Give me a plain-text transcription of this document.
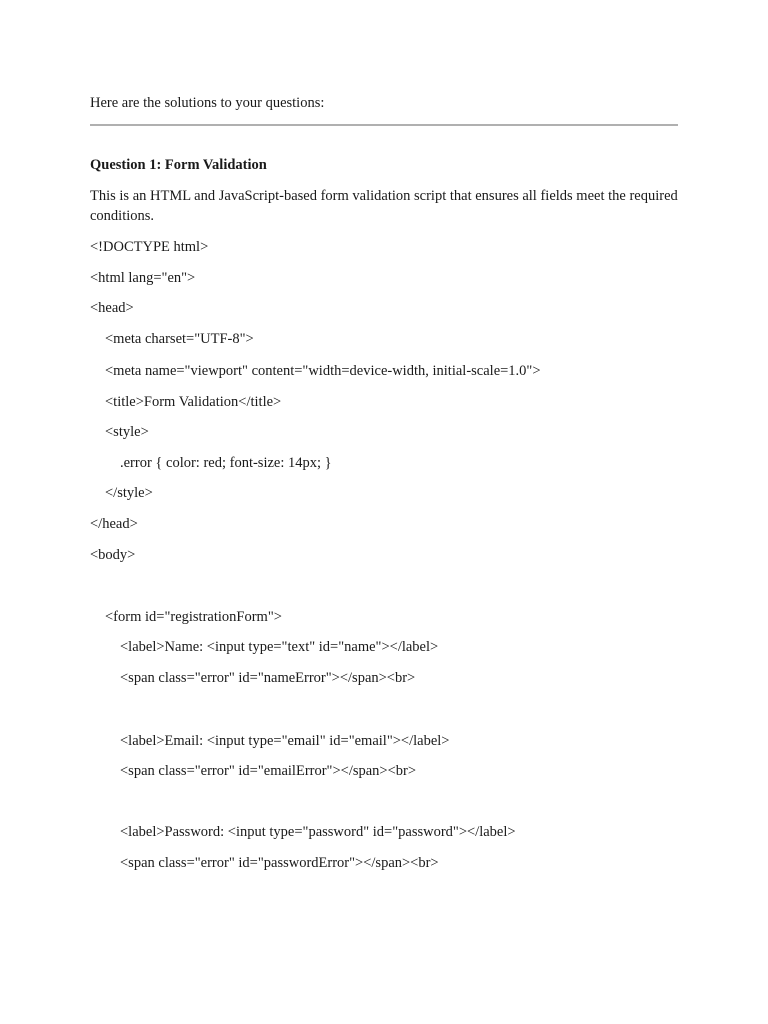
Here are the solutions to your questions:
Question 1: Form Validation
This is an HTML and JavaScript-based form validation script that ensures all fields meet the required conditions.
<!DOCTYPE html>
<html lang="en">
<head>
<meta charset="UTF-8">
<meta name="viewport" content="width=device-width, initial-scale=1.0">
<title>Form Validation</title>
<style>
.error { color: red; font-size: 14px; }
</style>
</head>
<body>
<form id="registrationForm">
<label>Name: <input type="text" id="name"></label>
<span class="error" id="nameError"></span><br>
<label>Email: <input type="email" id="email"></label>
<span class="error" id="emailError"></span><br>
<label>Password: <input type="password" id="password"></label>
<span class="error" id="passwordError"></span><br>
